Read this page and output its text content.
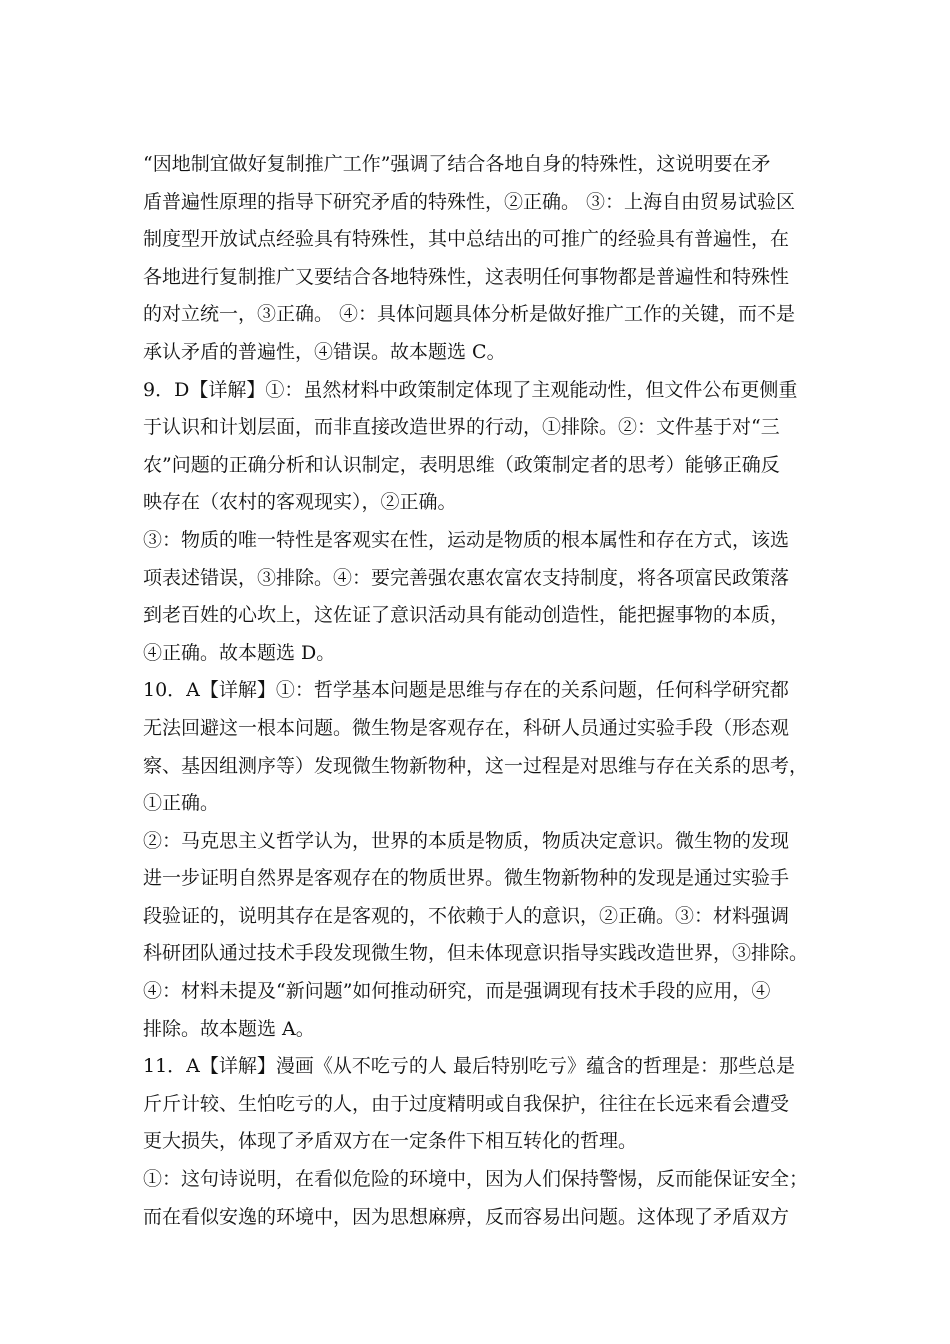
“因地制宜做好复制推广工作”强调了结合各地自身的特殊性，这说明要在矛
盾普遍性原理的指导下研究矛盾的特殊性，②正确。 ③：上海自由贸易试验区
制度型开放试点经验具有特殊性，其中总结出的可推广的经验具有普遍性，在
各地进行复制推广又要结合各地特殊性，这表明任何事物都是普遍性和特殊性
的对立统一，③正确。 ④：具体问题具体分析是做好推广工作的关键，而不是
承认矛盾的普遍性，④错误。故本题选 C。
9．D【详解】①：虽然材料中政策制定体现了主观能动性，但文件公布更侧重
于认识和计划层面，而非直接改造世界的行动，①排除。②：文件基于对“三
农”问题的正确分析和认识制定，表明思维（政策制定者的思考）能够正确反
映存在（农村的客观现实），②正确。
③：物质的唯一特性是客观实在性，运动是物质的根本属性和存在方式，该选
项表述错误，③排除。④：要完善强农惠农富农支持制度，将各项富民政策落
到老百姓的心坎上，这佐证了意识活动具有能动创造性，能把握事物的本质，
④正确。故本题选 D。
10．A【详解】①：哲学基本问题是思维与存在的关系问题，任何科学研究都
无法回避这一根本问题。微生物是客观存在，科研人员通过实验手段（形态观
察、基因组测序等）发现微生物新物种，这一过程是对思维与存在关系的思考，
①正确。
②：马克思主义哲学认为，世界的本质是物质，物质决定意识。微生物的发现
进一步证明自然界是客观存在的物质世界。微生物新物种的发现是通过实验手
段验证的，说明其存在是客观的，不依赖于人的意识，②正确。③：材料强调
科研团队通过技术手段发现微生物，但未体现意识指导实践改造世界，③排除。
④：材料未提及“新问题”如何推动研究，而是强调现有技术手段的应用，④
排除。故本题选 A。
11．A【详解】漫画《从不吃亏的人 最后特别吃亏》蕴含的哲理是：那些总是
斤斤计较、生怕吃亏的人，由于过度精明或自我保护，往往在长远来看会遭受
更大损失，体现了矛盾双方在一定条件下相互转化的哲理。
①：这句诗说明，在看似危险的环境中，因为人们保持警惕，反而能保证安全；
而在看似安逸的环境中，因为思想麻痹，反而容易出问题。这体现了矛盾双方
